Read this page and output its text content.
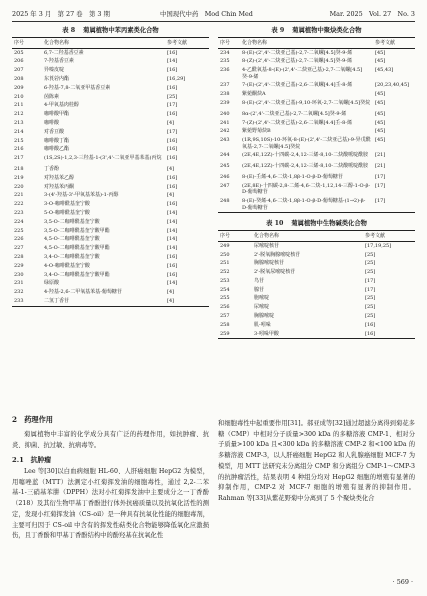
2025 年 3 月　第 27 卷　第 3 期	中国现代中药　Mod Chin Med	Mar. 2025　Vol. 27　No. 3
表 8 菊属植物中苯丙素类化合物
序号	化合物名称	参考文献
205	6,7-二羟基香豆素	[16]
206	7-羟基香豆素	[14]
207	异嗪皮啶	[16]
208	东莨菪内酯	[16,29]
209	6-羟基-7,8-二氧亚甲基香豆素	[16]
210	茵陈素	[25]
211	4-甲氧基肉桂醇	[17]
212	咖啡酸甲酯	[16]
213	咖啡酸	[4]
214	对香豆酸	[17]
215	咖啡酸丁酯	[16]
216	咖啡酸乙酯	[16]
217	(1S,2S)-1,2,3-三羟基-1-(3',4'-二氧亚甲基苯基)丙烷	[16]
218	丁香酚	[4]
219	对羟基苯乙醇	[16]
220	对羟基苯丙酮	[16]
221	3-(4'-羟基-3'-甲氧基苯基)-1-丙醇	[4]
222	3-O-咖啡酰基奎宁酸	[16]
223	5-O-咖啡酰基奎宁酸	[14]
224	3,5-O-二咖啡酰基奎宁酸	[14]
225	3,5-O-二咖啡酰基奎宁酸甲酯	[14]
226	4,5-O-二咖啡酰基奎宁酸	[14]
227	4,5-O-二咖啡酰基奎宁酸甲酯	[14]
228	3,4-O-二咖啡酰基奎宁酸	[16]
229	4-O-咖啡酰基奎宁酸	[16]
230	3,4-O-二咖啡酰基奎宁酸甲酯	[16]
231	绿原酸	[14]
232	4-羟基-2,6-二甲氧基苯基-葡萄糖苷	[4]
233	二氢丁香苷	[4]
表 9 菊属植物中聚炔类化合物
序号	化合物名称	参考文献
234	8-(E)-(2',4'-二炔亚己基)-2,7-二氧螺[4.5]癸-9-烯	[45]
235	8-(Z)-(2',4'-二炔亚己基)-2,7-二氧螺[4.5]癸-9-烯	[45]
236	4-乙酰氧基-8-(E)-(2',4'-二炔亚己基)-2,7-二氧螺[4.5]癸-9-烯	[45,43]
237	7-(E)-(2',4'-二炔亚己基)-2,6-二氧螺[4.4]壬-8-烯	[20,23,40,45]
238	紫菀酮炔A	[45]
239	8-(E)-(2',4'-二炔亚己基)-9,10-环氧-2,7-二氧螺[4.5]癸烷	[45]
240	8α-(2',4'-二炔亚己基)-2,7-二氧螺[4.5]癸-9-烯	[45]
241	7-(Z)-(2',4'-二炔亚己基)-2,6-二氧螺[4.4]壬-8-烯	[45]
242	紫菀野菊炔B	[45]
243	(1R,9S,10S)-10-环氧-8-(E)-(2',4'-二炔亚己基)-9-异戊酰氧基-2,7-二氧螺[4.5]癸烷	[45]
244	(2E,4E,12Z)-十四碳-2,4,12-三烯-8,10-二炔酸哌啶酰胺	[21]
245	(2E,4E,12Z)-十四碳-2,4,12-三烯-8,10-二炔酸哌啶酰胺	[21]
246	8-(E)-壬烯-4,6-二炔-1,8β-1-O-β-D-葡萄糖苷	[17]
247	(2E,8E)-十四碳-2,8-二烯-4,6-二炔-1,12,14-三醇-1-O-β-D-葡萄糖苷	[17]
248	8-(E)-癸烯-4,6-二炔-1,8β-1-O-β-D-葡萄糖基-(1→2)-β-D-葡萄糖苷	[17]
表 10 菊属植物中生物碱类化合物
序号	化合物名称	参考文献
249	尿嘧啶核苷	[17,19,25]
250	2'-脱氧胸腺嘧啶核苷	[25]
251	胸腺嘧啶核苷	[25]
252	2'-脱氧尿嘧啶核苷	[25]
253	鸟苷	[17]
254	腺苷	[17]
255	胞嘧啶	[25]
256	尿嘧啶	[25]
257	胸腺嘧啶	[25]
258	肌-吲哚	[16]
259	3-吲哚甲酸	[16]
2　药理作用
菊属植物中丰富的化学成分具有广泛的药理作用，如抗肿瘤、抗炎、抑菌、抗过敏、抗病毒等。
2.1　抗肿瘤
Lee 等[30]以白血病细胞 HL-60、人肝癌细胞 HepG2 为模型，用噻唑蓝（MTT）法测定小红菊挥发油的细胞毒性，通过 2,2-二苯基-1-三硝基苯肼（DPPH）法对小红菊挥发油中主要成分之一丁香酚（218）及其衍生物甲基丁香酚进行体外抗癌质量以及抗氧化活性的测定，发现小红菊挥发油（CS-oil）是一种具有抗氧化性能的细胞毒剂，主要可归因于 CS-oil 中含有的挥发性萜类化合物能够降低氧化应激损伤，且丁香酚和甲基丁香酚结构中的酚羟基在抗氧化性
和细胞毒性中起重要作用[31]。郝亚成等[32]通过超滤分离得到菊花多糖（CMP）中相对分子质量>300 kDa 的多糖溶液 CMP-1、相对分子质量>100 kDa 且<300 kDa 的多糖溶液 CMP-2 和<100 kDa 的多糖溶液 CMP-3，以人肝癌细胞 HepG2 和人乳腺癌细胞 MCF-7 为模型，用 MTT 法研究未分离组分 CMP 和分离组分 CMP-1～CMP-3 的抗肿瘤活性，结果表明 4 种组分均对 HepG2 细胞的增殖有显著的抑制作用，CMP-2 对 MCF-7 细胞的增殖有显著的抑制作用。Rahman 等[33]从紫花野菊中分离到了 5 个聚炔类化合
· 569 ·
